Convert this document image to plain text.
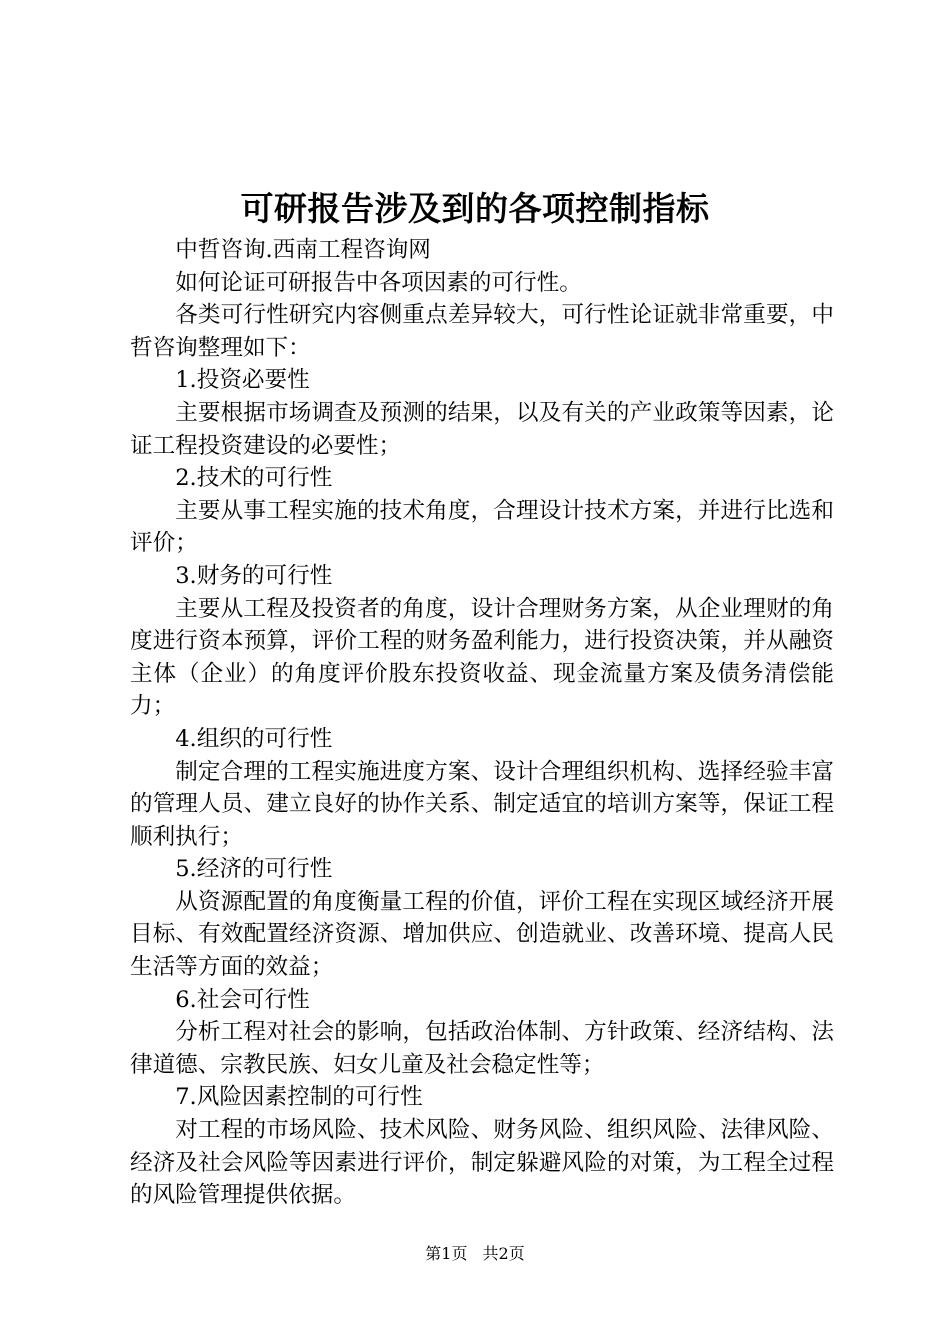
可研报告涉及到的各项控制指标

中哲咨询.西南工程咨询网

如何论证可研报告中各项因素的可行性。

各类可行性研究内容侧重点差异较大，可行性论证就非常重要，中哲咨询整理如下：

1.投资必要性

主要根据市场调查及预测的结果，以及有关的产业政策等因素，论证工程投资建设的必要性；

2.技术的可行性

主要从事工程实施的技术角度，合理设计技术方案，并进行比选和评价；

3.财务的可行性

主要从工程及投资者的角度，设计合理财务方案，从企业理财的角度进行资本预算，评价工程的财务盈利能力，进行投资决策，并从融资主体（企业）的角度评价股东投资收益、现金流量方案及债务清偿能力；

4.组织的可行性

制定合理的工程实施进度方案、设计合理组织机构、选择经验丰富的管理人员、建立良好的协作关系、制定适宜的培训方案等，保证工程顺利执行；

5.经济的可行性

从资源配置的角度衡量工程的价值，评价工程在实现区域经济开展目标、有效配置经济资源、增加供应、创造就业、改善环境、提高人民生活等方面的效益；

6.社会可行性

分析工程对社会的影响，包括政治体制、方针政策、经济结构、法律道德、宗教民族、妇女儿童及社会稳定性等；

7.风险因素控制的可行性

对工程的市场风险、技术风险、财务风险、组织风险、法律风险、经济及社会风险等因素进行评价，制定躲避风险的对策，为工程全过程的风险管理提供依据。

第1页 共2页
